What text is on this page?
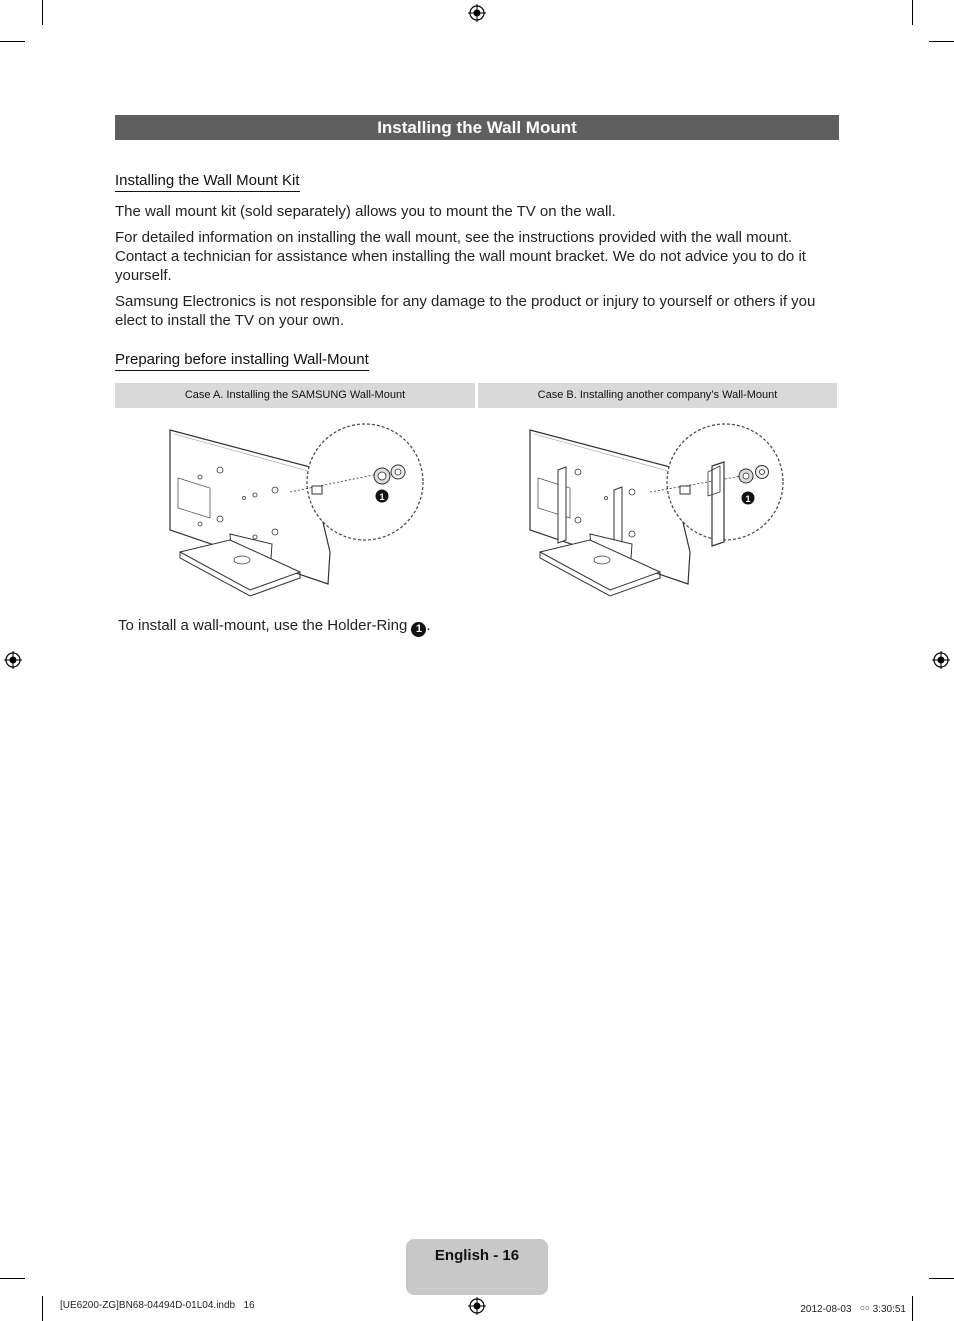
Installing the Wall Mount
Installing the Wall Mount Kit
The wall mount kit (sold separately) allows you to mount the TV on the wall.
For detailed information on installing the wall mount, see the instructions provided with the wall mount. Contact a technician for assistance when installing the wall mount bracket. We do not advice you to do it yourself.
Samsung Electronics is not responsible for any damage to the product or injury to yourself or others if you elect to install the TV on your own.
Preparing before installing Wall-Mount
Case A. Installing the SAMSUNG Wall-Mount	Case B. Installing another company’s Wall-Mount
1	1
To install a wall-mount, use the Holder-Ring 1 .
English - 16
[UE6200-ZG]BN68-04494D-01L04.indb   16	2012-08-03   ￮￮ 3:30:51
